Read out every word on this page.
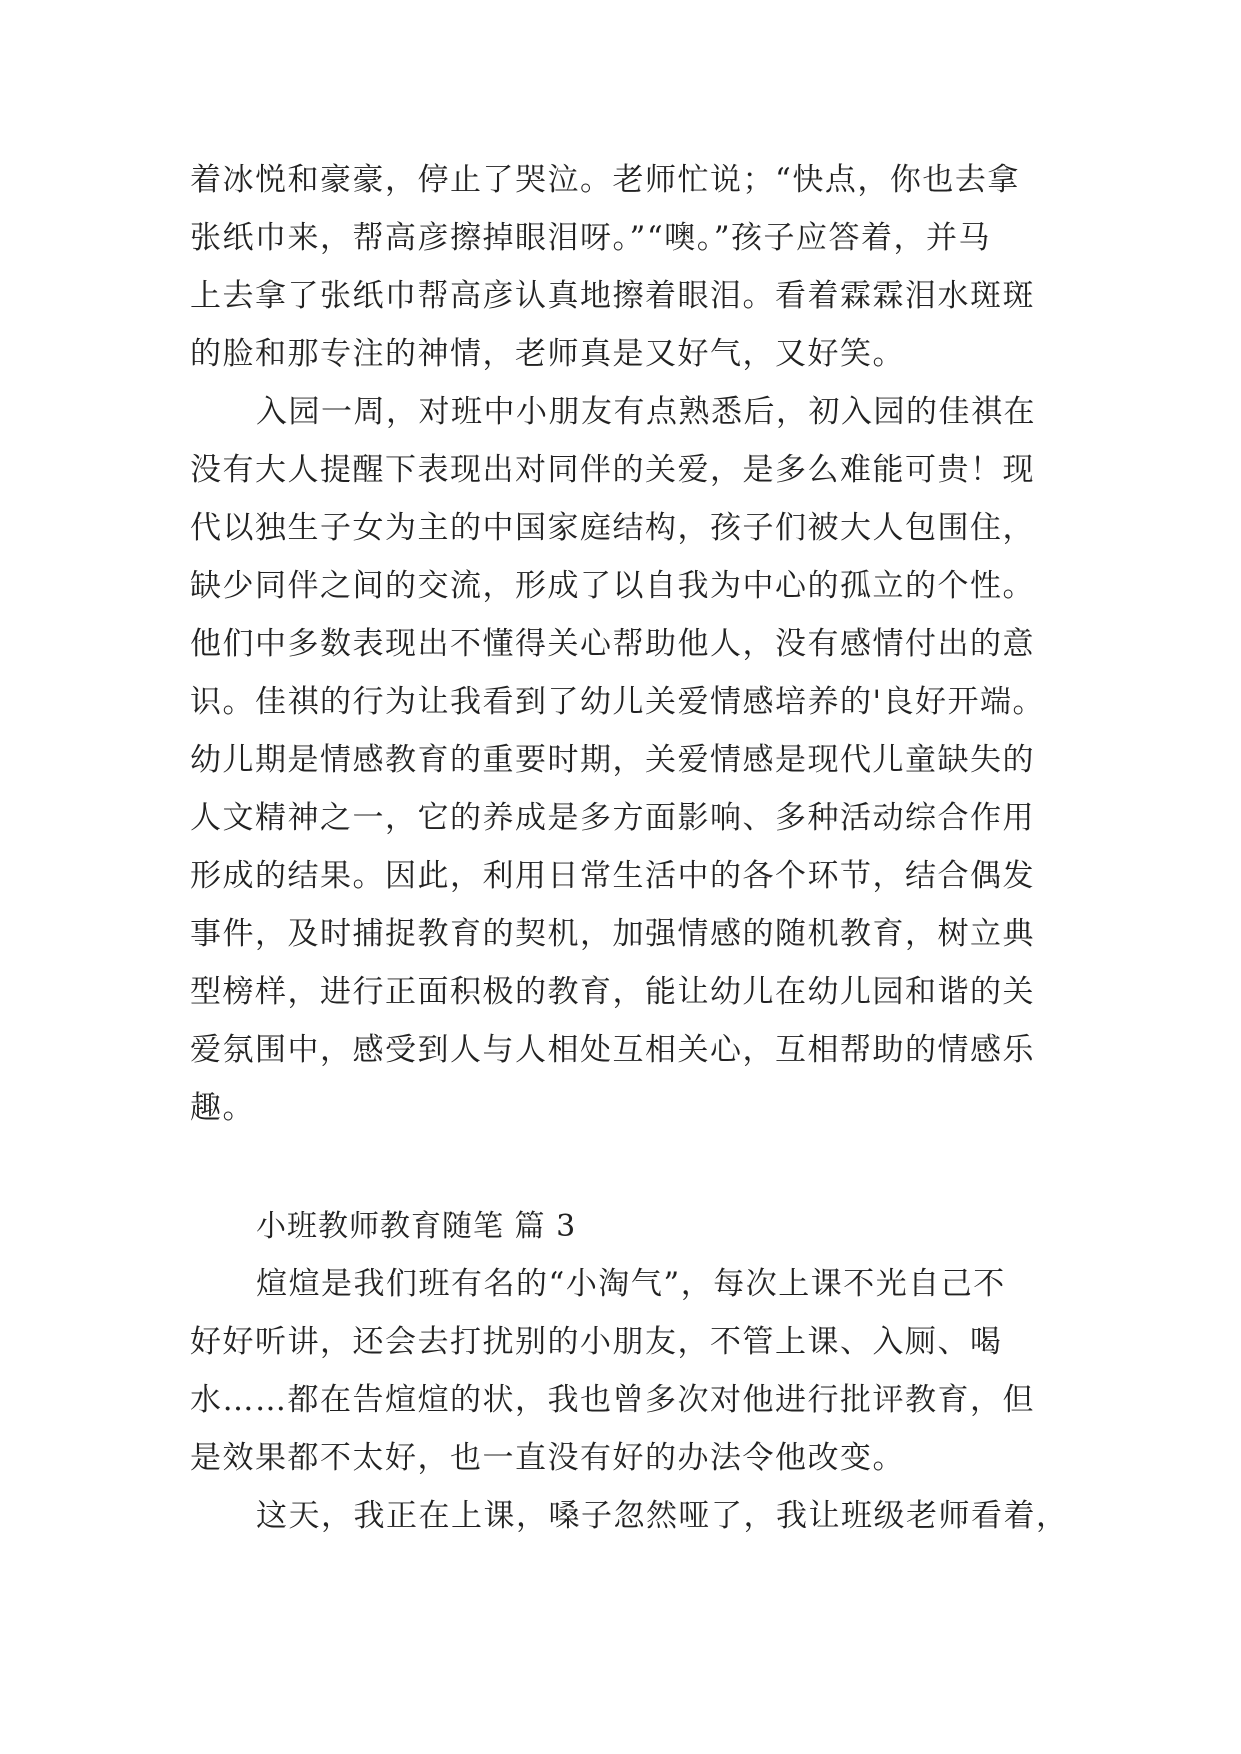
着冰悦和豪豪，停止了哭泣。老师忙说；“快点，你也去拿
张纸巾来，帮高彦擦掉眼泪呀。”“噢。”孩子应答着，并马
上去拿了张纸巾帮高彦认真地擦着眼泪。看着霖霖泪水斑斑
的脸和那专注的神情，老师真是又好气，又好笑。
入园一周，对班中小朋友有点熟悉后，初入园的佳祺在
没有大人提醒下表现出对同伴的关爱，是多么难能可贵！现
代以独生子女为主的中国家庭结构，孩子们被大人包围住，
缺少同伴之间的交流，形成了以自我为中心的孤立的个性。
他们中多数表现出不懂得关心帮助他人，没有感情付出的意
识。佳祺的行为让我看到了幼儿关爱情感培养的'良好开端。
幼儿期是情感教育的重要时期，关爱情感是现代儿童缺失的
人文精神之一，它的养成是多方面影响、多种活动综合作用
形成的结果。因此，利用日常生活中的各个环节，结合偶发
事件，及时捕捉教育的契机，加强情感的随机教育，树立典
型榜样，进行正面积极的教育，能让幼儿在幼儿园和谐的关
爱氛围中，感受到人与人相处互相关心，互相帮助的情感乐
趣。
小班教师教育随笔 篇 3
煊煊是我们班有名的“小淘气”，每次上课不光自己不
好好听讲，还会去打扰别的小朋友，不管上课、入厕、喝
水……都在告煊煊的状，我也曾多次对他进行批评教育，但
是效果都不太好，也一直没有好的办法令他改变。
这天，我正在上课，嗓子忽然哑了，我让班级老师看着，
